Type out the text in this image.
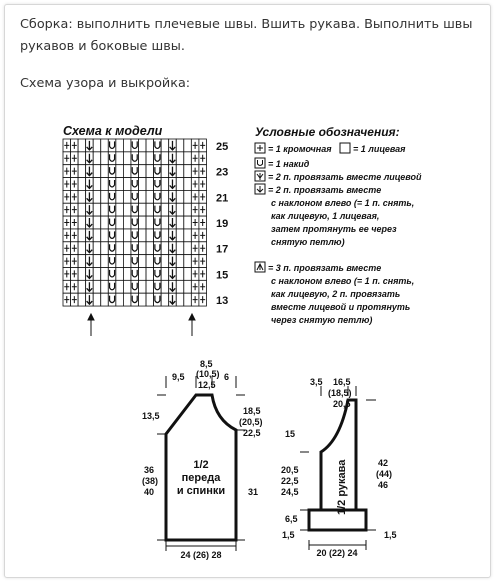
Сборка: выполнить плечевые швы. Вшить рукава. Выполнить швы рукавов и боковые швы.

Схема узора и выкройка:

Схема к модели
25
23
21
19
17
15
13
Условные обозначения:
= 1 кромочная = 1 лицевая
= 1 накид
= 2 п. провязать вместе лицевой
= 2 п. провязать вместе
с наклоном влево (= 1 п. снять,
как лицевую, 1 лицевая,
затем протянуть ее через
снятую петлю)
= 3 п. провязать вместе
с наклоном влево (= 1 п. снять,
как лицевую, 2 п. провязать
вместе лицевой и протянуть
через снятую петлю)
8,5
(10,5)
12,5
9,5	6
13,5	18,5
(20,5)
22,5
36
(38)
40	31
1/2
переда
и спинки
24 (26) 28
3,5 16,5
(18,5)
20,5
15
20,5
22,5
24,5
6,5
1,5
42
(44)
46
1,5
1/2 рукава
20 (22) 24
